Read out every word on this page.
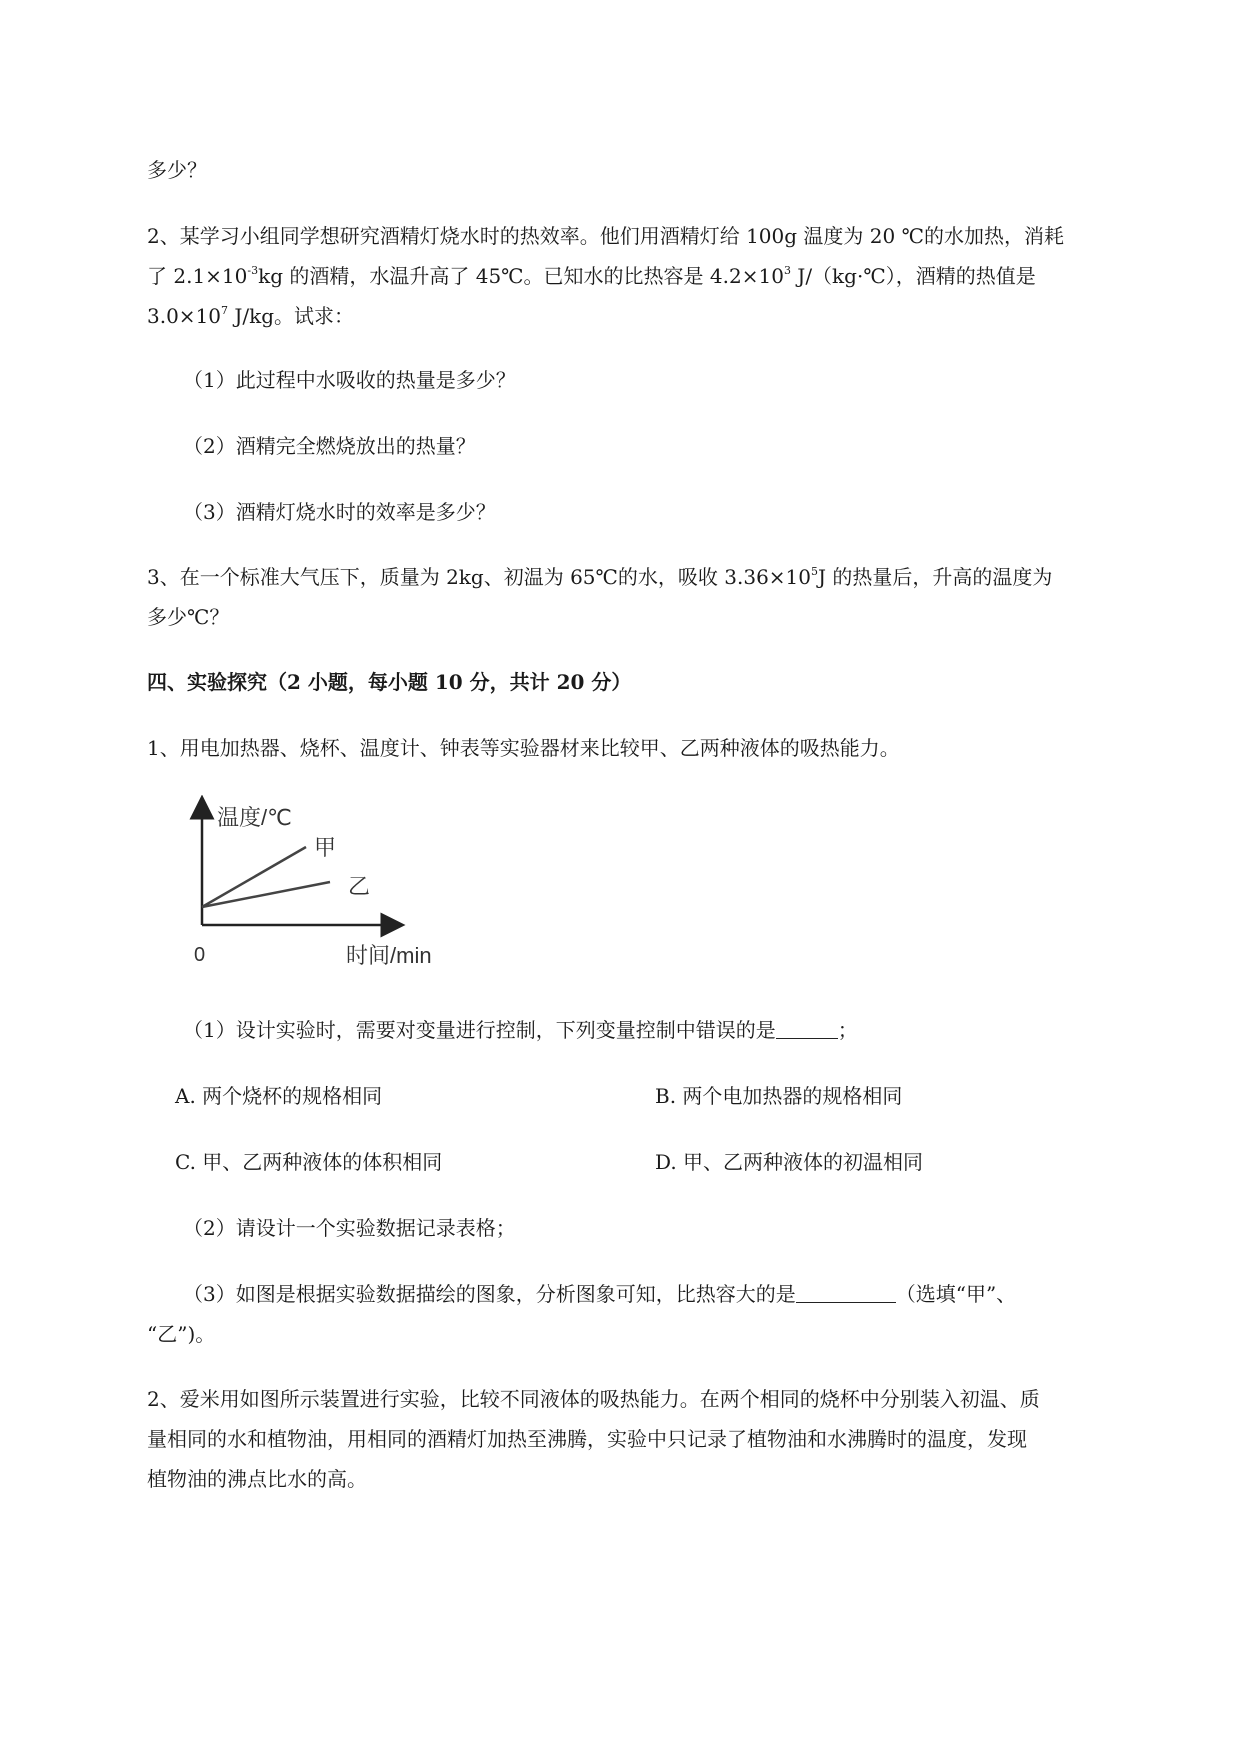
多少？
2、某学习小组同学想研究酒精灯烧水时的热效率。他们用酒精灯给 100g 温度为 20 ℃的水加热，消耗
了 $2.1\times 10^{-3}kg$ 的酒精，水温升高了 45℃。已知水的比热容是 $4.2\times 10^3$ J/（kg·℃），酒精的热值是
$3.0\times 10^7$ J/kg。试求：
（1）此过程中水吸收的热量是多少？
（2）酒精完全燃烧放出的热量？
（3）酒精灯烧水时的效率是多少？
3、在一个标准大气压下，质量为 2kg、初温为 65℃的水，吸收 $3.36\times 10^5J$ 的热量后，升高的温度为
多少℃？
四、实验探究（2 小题，每小题 10 分，共计 20 分）
1、用电加热器、烧杯、温度计、钟表等实验器材来比较甲、乙两种液体的吸热能力。
温度/℃
甲
乙
0	时间/min
（1）设计实验时，需要对变量进行控制，下列变量控制中错误的是	；
A. 两个烧杯的规格相同	B. 两个电加热器的规格相同
C. 甲、乙两种液体的体积相同	D. 甲、乙两种液体的初温相同
（2）请设计一个实验数据记录表格；
（3）如图是根据实验数据描绘的图象，分析图象可知，比热容大的是	（选填“甲”、
“乙”)。
2、爱米用如图所示装置进行实验，比较不同液体的吸热能力。在两个相同的烧杯中分别装入初温、质
量相同的水和植物油，用相同的酒精灯加热至沸腾，实验中只记录了植物油和水沸腾时的温度，发现
植物油的沸点比水的高。
